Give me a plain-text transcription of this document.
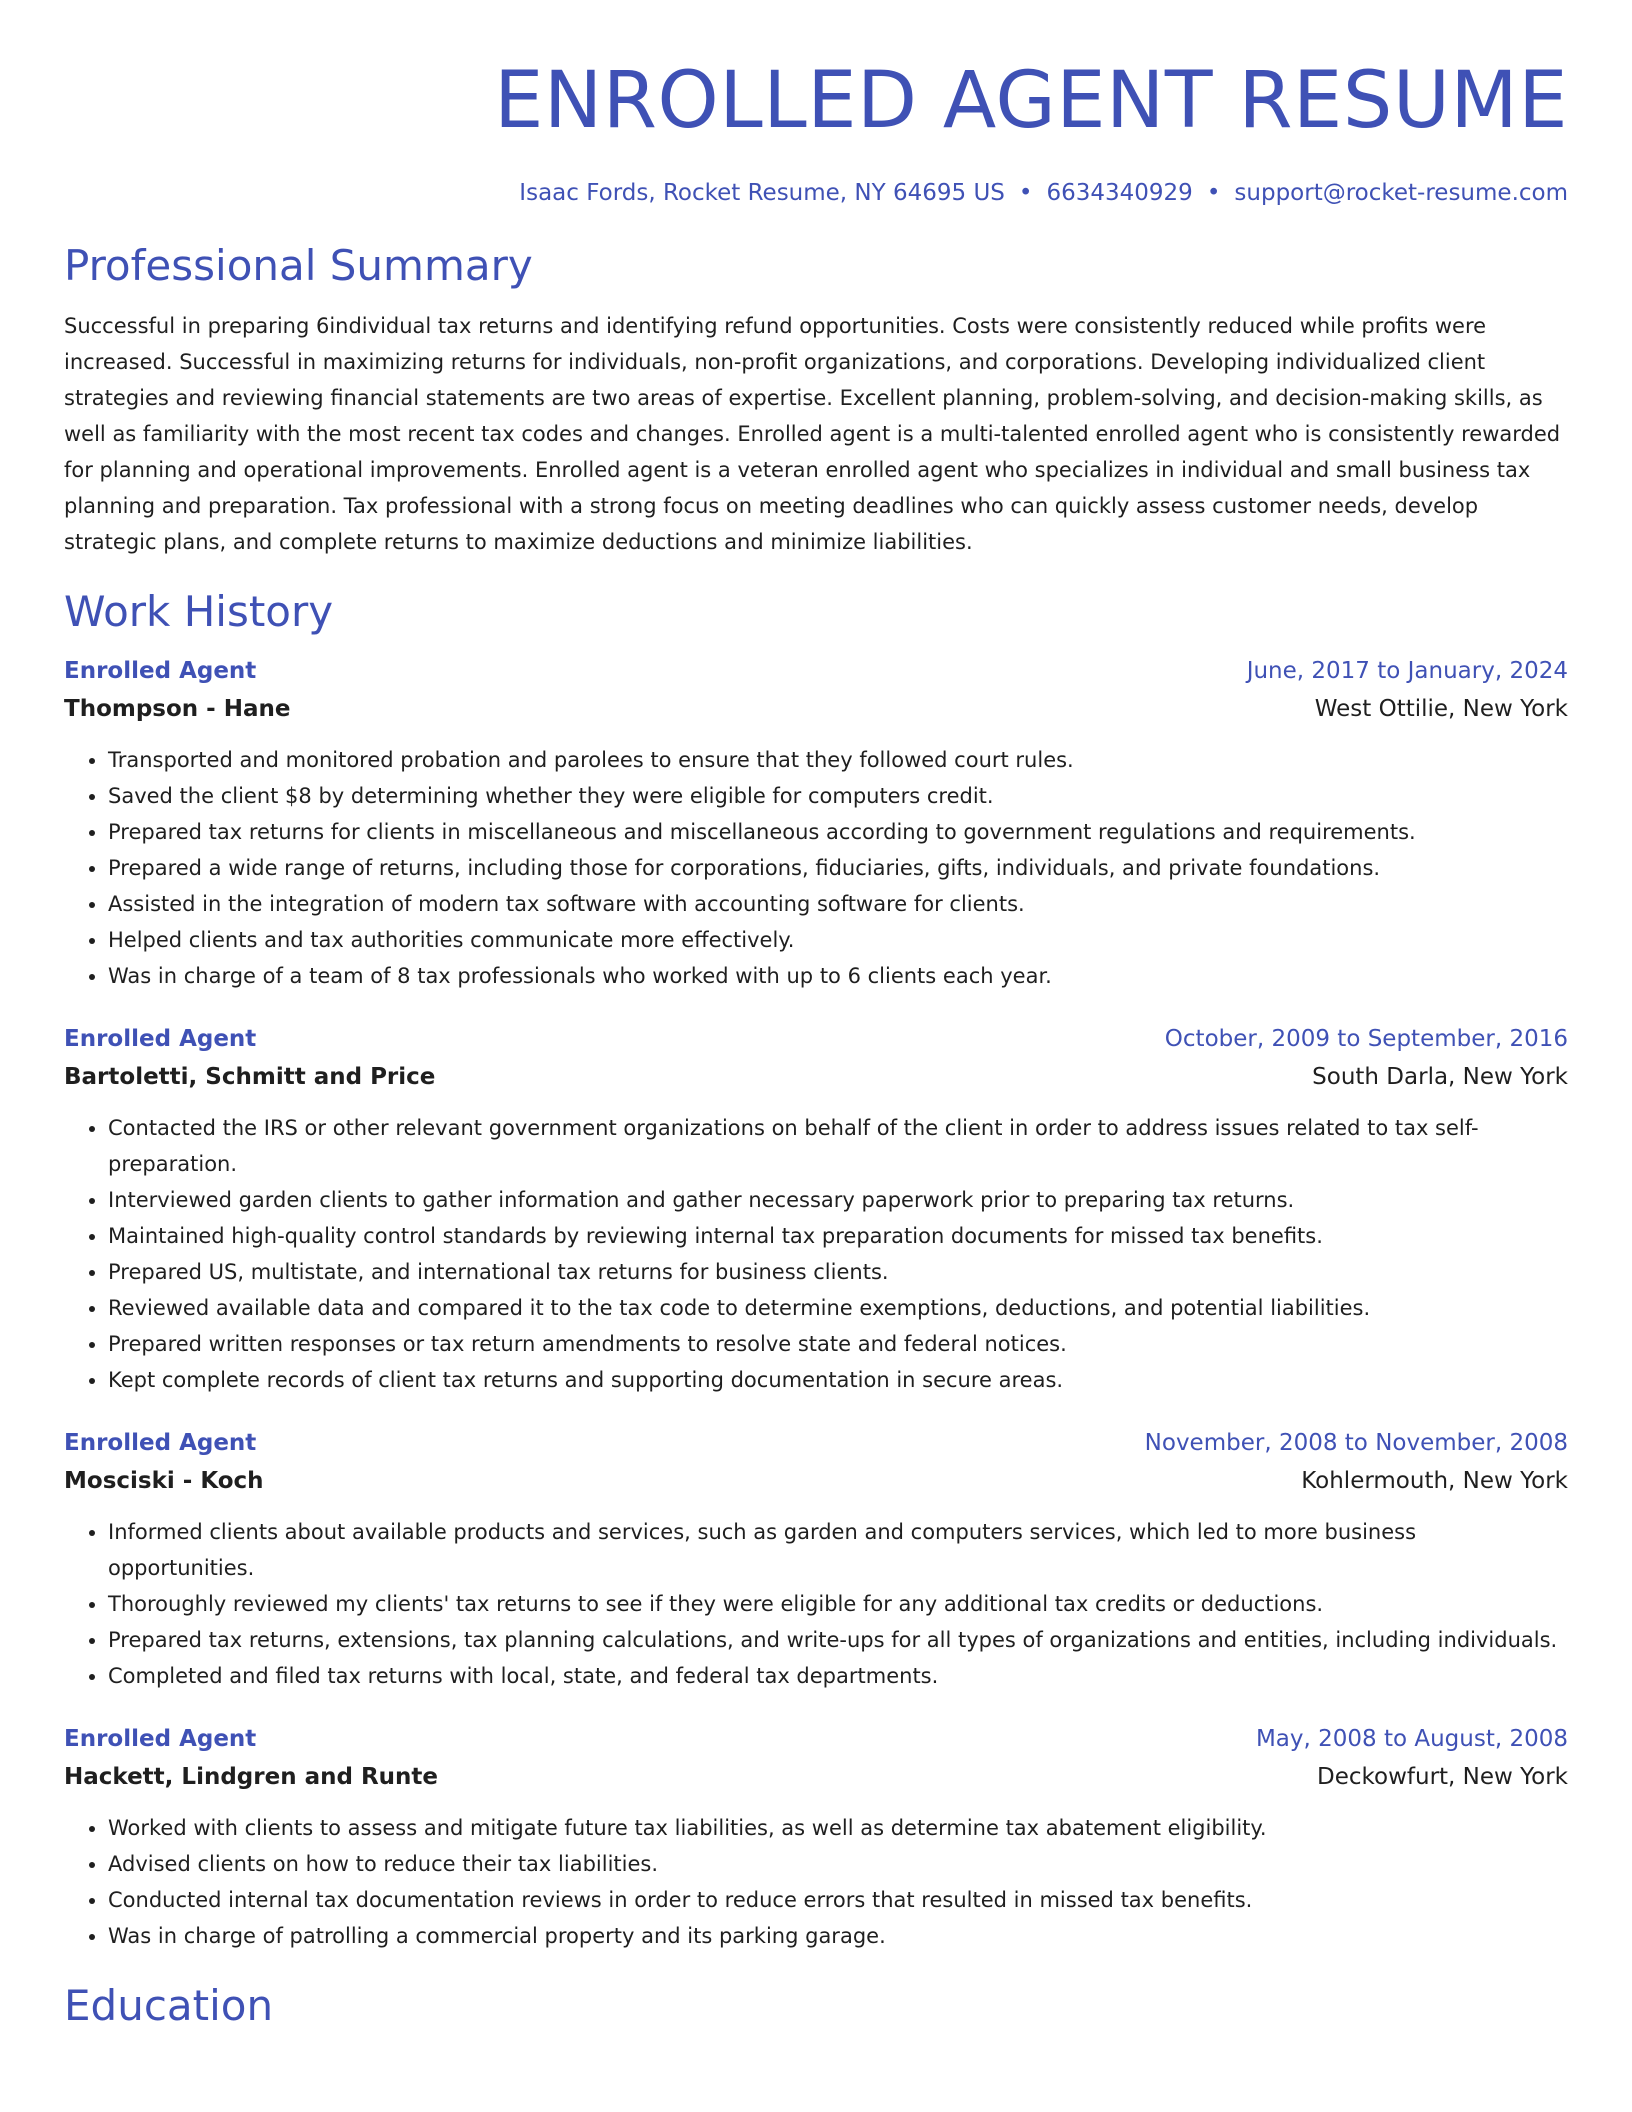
ENROLLED AGENT RESUME
Isaac Fords, Rocket Resume, NY 64695 US • 6634340929 • support@rocket-resume.com
Professional Summary
Successful in preparing 6individual tax returns and identifying refund opportunities. Costs were consistently reduced while profits were increased. Successful in maximizing returns for individuals, non-profit organizations, and corporations. Developing individualized client strategies and reviewing financial statements are two areas of expertise. Excellent planning, problem-solving, and decision-making skills, as well as familiarity with the most recent tax codes and changes. Enrolled agent is a multi-talented enrolled agent who is consistently rewarded for planning and operational improvements. Enrolled agent is a veteran enrolled agent who specializes in individual and small business tax planning and preparation. Tax professional with a strong focus on meeting deadlines who can quickly assess customer needs, develop strategic plans, and complete returns to maximize deductions and minimize liabilities.
Work History
Enrolled Agent	June, 2017 to January, 2024
Thompson - Hane	West Ottilie, New York
• Transported and monitored probation and parolees to ensure that they followed court rules.
• Saved the client $8 by determining whether they were eligible for computers credit.
• Prepared tax returns for clients in miscellaneous and miscellaneous according to government regulations and requirements.
• Prepared a wide range of returns, including those for corporations, fiduciaries, gifts, individuals, and private foundations.
• Assisted in the integration of modern tax software with accounting software for clients.
• Helped clients and tax authorities communicate more effectively.
• Was in charge of a team of 8 tax professionals who worked with up to 6 clients each year.
Enrolled Agent	October, 2009 to September, 2016
Bartoletti, Schmitt and Price	South Darla, New York
• Contacted the IRS or other relevant government organizations on behalf of the client in order to address issues related to tax self-preparation.
• Interviewed garden clients to gather information and gather necessary paperwork prior to preparing tax returns.
• Maintained high-quality control standards by reviewing internal tax preparation documents for missed tax benefits.
• Prepared US, multistate, and international tax returns for business clients.
• Reviewed available data and compared it to the tax code to determine exemptions, deductions, and potential liabilities.
• Prepared written responses or tax return amendments to resolve state and federal notices.
• Kept complete records of client tax returns and supporting documentation in secure areas.
Enrolled Agent	November, 2008 to November, 2008
Mosciski - Koch	Kohlermouth, New York
• Informed clients about available products and services, such as garden and computers services, which led to more business opportunities.
• Thoroughly reviewed my clients' tax returns to see if they were eligible for any additional tax credits or deductions.
• Prepared tax returns, extensions, tax planning calculations, and write-ups for all types of organizations and entities, including individuals.
• Completed and filed tax returns with local, state, and federal tax departments.
Enrolled Agent	May, 2008 to August, 2008
Hackett, Lindgren and Runte	Deckowfurt, New York
• Worked with clients to assess and mitigate future tax liabilities, as well as determine tax abatement eligibility.
• Advised clients on how to reduce their tax liabilities.
• Conducted internal tax documentation reviews in order to reduce errors that resulted in missed tax benefits.
• Was in charge of patrolling a commercial property and its parking garage.
Education
